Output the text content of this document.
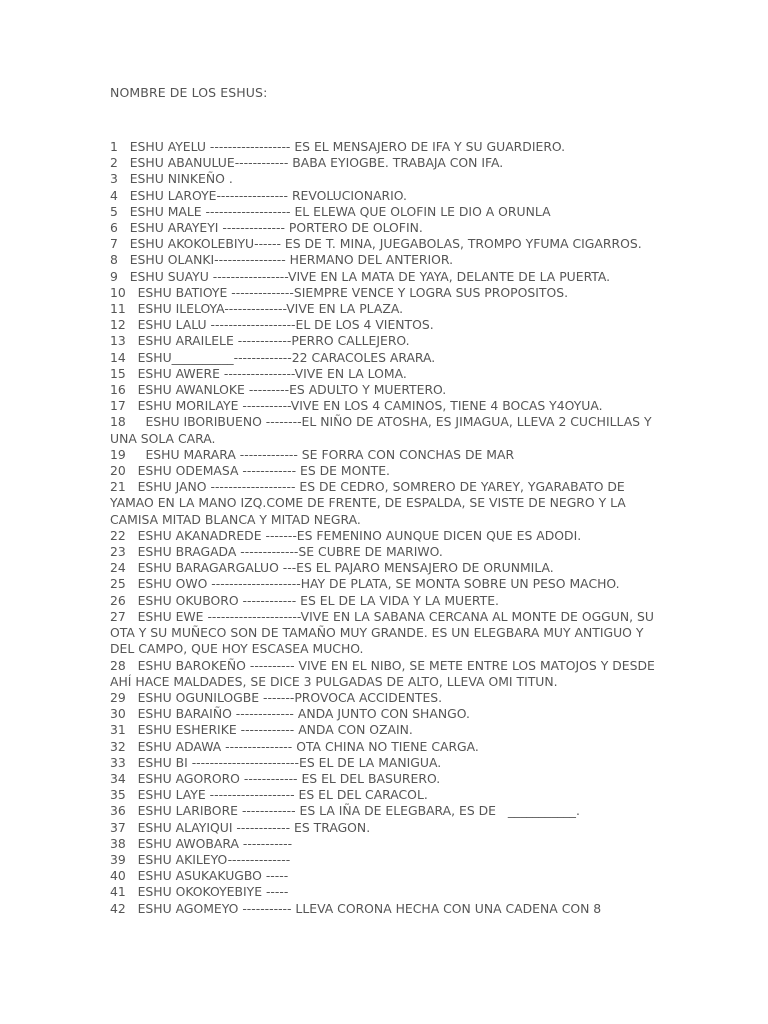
NOMBRE DE LOS ESHUS:
1   ESHU AYELU ------------------ ES EL MENSAJERO DE IFA Y SU GUARDIERO.
2   ESHU ABANULUE------------ BABA EYIOGBE. TRABAJA CON IFA.
3   ESHU NINKEÑO .
4   ESHU LAROYE---------------- REVOLUCIONARIO.
5   ESHU MALE ------------------- EL ELEWA QUE OLOFIN LE DIO A ORUNLA
6   ESHU ARAYEYI -------------- PORTERO DE OLOFIN.
7   ESHU AKOKOLEBIYU------ ES DE T. MINA, JUEGABOLAS, TROMPO YFUMA CIGARROS.
8   ESHU OLANKI---------------- HERMANO DEL ANTERIOR.
9   ESHU SUAYU -----------------VIVE EN LA MATA DE YAYA, DELANTE DE LA PUERTA.
10   ESHU BATIOYE --------------SIEMPRE VENCE Y LOGRA SUS PROPOSITOS.
11   ESHU ILELOYA--------------VIVE EN LA PLAZA.
12   ESHU LALU -------------------EL DE LOS 4 VIENTOS.
13   ESHU ARAILELE ------------PERRO CALLEJERO.
14   ESHU__________-------------22 CARACOLES ARARA.
15   ESHU AWERE ----------------VIVE EN LA LOMA.
16   ESHU AWANLOKE ---------ES ADULTO Y MUERTERO.
17   ESHU MORILAYE -----------VIVE EN LOS 4 CAMINOS, TIENE 4 BOCAS Y4OYUA.
18     ESHU IBORIBUENO --------EL NIÑO DE ATOSHA, ES JIMAGUA, LLEVA 2 CUCHILLAS Y UNA SOLA CARA.
19     ESHU MARARA ------------- SE FORRA CON CONCHAS DE MAR
20   ESHU ODEMASA ------------ ES DE MONTE.
21   ESHU JANO ------------------- ES DE CEDRO, SOMRERO DE YAREY, YGARABATO DE YAMAO EN LA MANO IZQ.COME DE FRENTE, DE ESPALDA, SE VISTE DE NEGRO Y LA CAMISA MITAD BLANCA Y MITAD NEGRA.
22   ESHU AKANADREDE -------ES FEMENINO AUNQUE DICEN QUE ES ADODI.
23   ESHU BRAGADA -------------SE CUBRE DE MARIWO.
24   ESHU BARAGARGALUO ---ES EL PAJARO MENSAJERO DE ORUNMILA.
25   ESHU OWO --------------------HAY DE PLATA, SE MONTA SOBRE UN PESO MACHO.
26   ESHU OKUBORO ------------ ES EL DE LA VIDA Y LA MUERTE.
27   ESHU EWE ---------------------VIVE EN LA SABANA CERCANA AL MONTE DE OGGUN, SU OTA Y SU MUÑECO SON DE TAMAÑO MUY GRANDE. ES UN ELEGBARA MUY ANTIGUO Y DEL CAMPO, QUE HOY ESCASEA MUCHO.
28   ESHU BAROKEÑO ---------- VIVE EN EL NIBO, SE METE ENTRE LOS MATOJOS Y DESDE AHÍ HACE MALDADES, SE DICE 3 PULGADAS DE ALTO, LLEVA OMI TITUN.
29   ESHU OGUNILOGBE -------PROVOCA ACCIDENTES.
30   ESHU BARAIÑO ------------- ANDA JUNTO CON SHANGO.
31   ESHU ESHERIKE ------------ ANDA CON OZAIN.
32   ESHU ADAWA --------------- OTA CHINA NO TIENE CARGA.
33   ESHU BI ------------------------ES EL DE LA MANIGUA.
34   ESHU AGORORO ------------ ES EL DEL BASURERO.
35   ESHU LAYE ------------------- ES EL DEL CARACOL.
36   ESHU LARIBORE ------------ ES LA IÑA DE ELEGBARA, ES DE   ___________.
37   ESHU ALAYIQUI ------------ ES TRAGON.
38   ESHU AWOBARA -----------
39   ESHU AKILEYO--------------
40   ESHU ASUKAKUGBO -----
41   ESHU OKOKOYEBIYE -----
42   ESHU AGOMEYO ----------- LLEVA CORONA HECHA CON UNA CADENA CON 8
